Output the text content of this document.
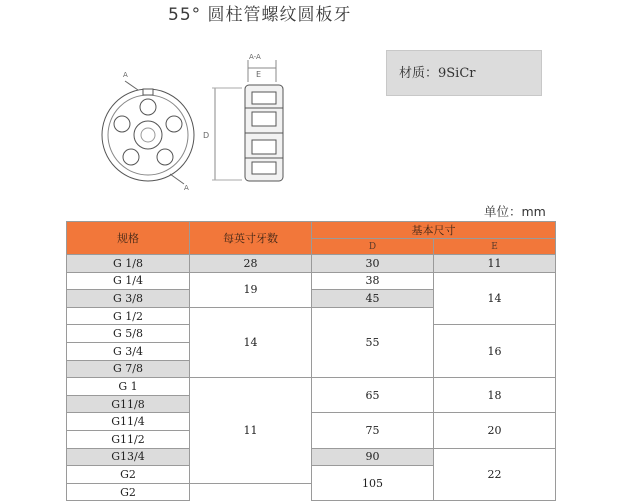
55° 圆柱管螺纹圆板牙
A
A
A-A
E
D
材质：9SiCr
单位：mm
规格	每英寸牙数	基本尺寸	
		D	E
G 1/8	28	30	11
G 1/4	19	38	14
G 3/8		45	
G 1/2	14	55	
G 5/8			16
G 3/4			
G 7/8			
G 1	11	65	18
G11/8			
G11/4		75	20
G11/2			
G13/4		90	22
G2		105	
G2			
